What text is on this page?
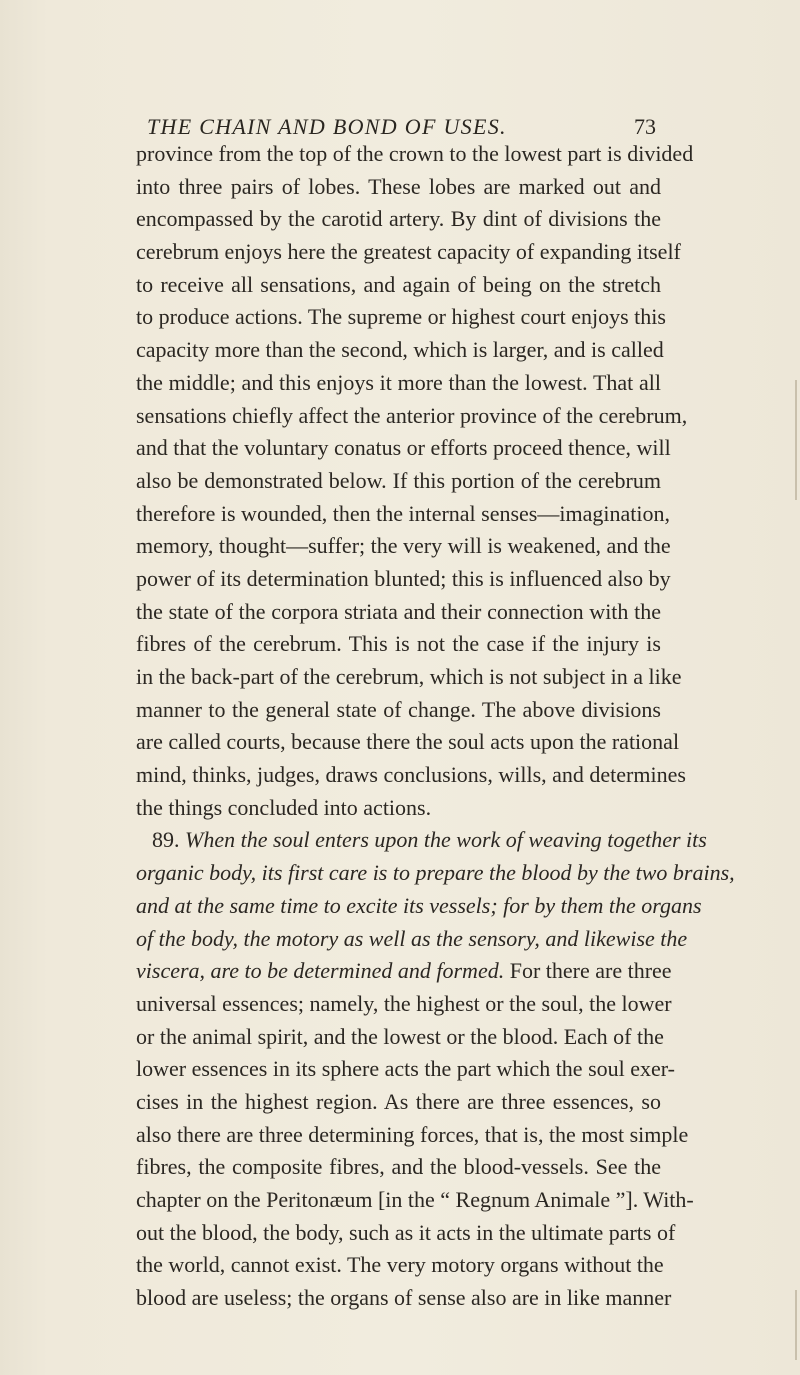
THE CHAIN AND BOND OF USES.	73
province from the top of the crown to the lowest part is divided
into three pairs of lobes. These lobes are marked out and
encompassed by the carotid artery. By dint of divisions the
cerebrum enjoys here the greatest capacity of expanding itself
to receive all sensations, and again of being on the stretch
to produce actions. The supreme or highest court enjoys this
capacity more than the second, which is larger, and is called
the middle; and this enjoys it more than the lowest. That all
sensations chiefly affect the anterior province of the cerebrum,
and that the voluntary conatus or efforts proceed thence, will
also be demonstrated below. If this portion of the cerebrum
therefore is wounded, then the internal senses—imagination,
memory, thought—suffer; the very will is weakened, and the
power of its determination blunted; this is influenced also by
the state of the corpora striata and their connection with the
fibres of the cerebrum. This is not the case if the injury is
in the back-part of the cerebrum, which is not subject in a like
manner to the general state of change. The above divisions
are called courts, because there the soul acts upon the rational
mind, thinks, judges, draws conclusions, wills, and determines
the things concluded into actions.
89. When the soul enters upon the work of weaving together its
organic body, its first care is to prepare the blood by the two brains,
and at the same time to excite its vessels; for by them the organs
of the body, the motory as well as the sensory, and likewise the
viscera, are to be determined and formed. For there are three
universal essences; namely, the highest or the soul, the lower
or the animal spirit, and the lowest or the blood. Each of the
lower essences in its sphere acts the part which the soul exer-
cises in the highest region. As there are three essences, so
also there are three determining forces, that is, the most simple
fibres, the composite fibres, and the blood-vessels. See the
chapter on the Peritonæum [in the “ Regnum Animale ”]. With-
out the blood, the body, such as it acts in the ultimate parts of
the world, cannot exist. The very motory organs without the
blood are useless; the organs of sense also are in like manner
